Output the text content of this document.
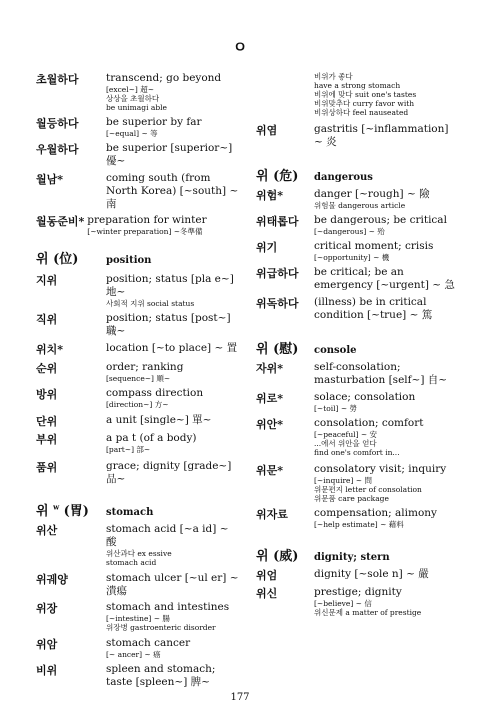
ㅇ
초월하다	transcend; go beyond
[excel~] 超~
상상을 초월하다
be unimagi able
월등하다	be superior by far
[~equal] ~ 等
우월하다	be superior [superior~] 優~
월남*	coming south (from
North Korea) [~south] ~ 南
월동준비* preparation for winter
[~winter preparation] ~冬準備
위 (位)	position
지위	position; status [pla e~] 地~
사회적 지위 social status
직위	position; status [post~] 職~
위치*	location [~to place] ~ 置
순위	order; ranking
[sequence~] 順~
방위	compass direction
[direction~] 方~
단위	a unit [single~] 單~
부위	a pa t (of a body)
[part~] 部~
품위	grace; dignity [grade~] 品~
위 $^w$ (胃)	stomach
위산	stomach acid [~a id] ~ 酸
위산과다 ex essive
stomach acid
위궤양	stomach ulcer [~ul er] ~潰瘍
위장	stomach and intestines
[~intestine] ~ 腸
위장병 gastroenteric disorder
위암	stomach cancer
[~ ancer] ~ 癌
비위	spleen and stomach;
taste [spleen~] 脾~
비위가 좋다
have a strong stomach
비위에 맞다 suit one's tastes
비위맞추다 curry favor with
비위상하다 feel nauseated
위염	gastritis [~inflammation] ~ 炎
위 (危)	dangerous
위험*	danger [~rough] ~ 險
위험물 dangerous article
위태롭다	be dangerous; be critical
[~dangerous] ~ 殆
위기	critical moment; crisis
[~opportunity] ~ 機
위급하다	be critical; be an
emergency [~urgent] ~ 急
위독하다	(illness) be in critical
condition [~true] ~ 篤
위 (慰)	console
자위*	self-consolation;
masturbation [self~] 自~
위로*	solace; consolation
[~toil] ~ 勞
위안*	consolation; comfort
[~peaceful] ~ 安
...에서 위안을 얻다
find one's comfort in...
위문*	consolatory visit; inquiry
[~inquire] ~ 問
위문편지 letter of consolation
위문품 care package
위자료	compensation; alimony
[~help estimate] ~ 藉料
위 (威)	dignity; stern
위엄	dignity [~sole n] ~ 嚴
위신	prestige; dignity
[~believe] ~ 信
위신문제 a matter of prestige
177
